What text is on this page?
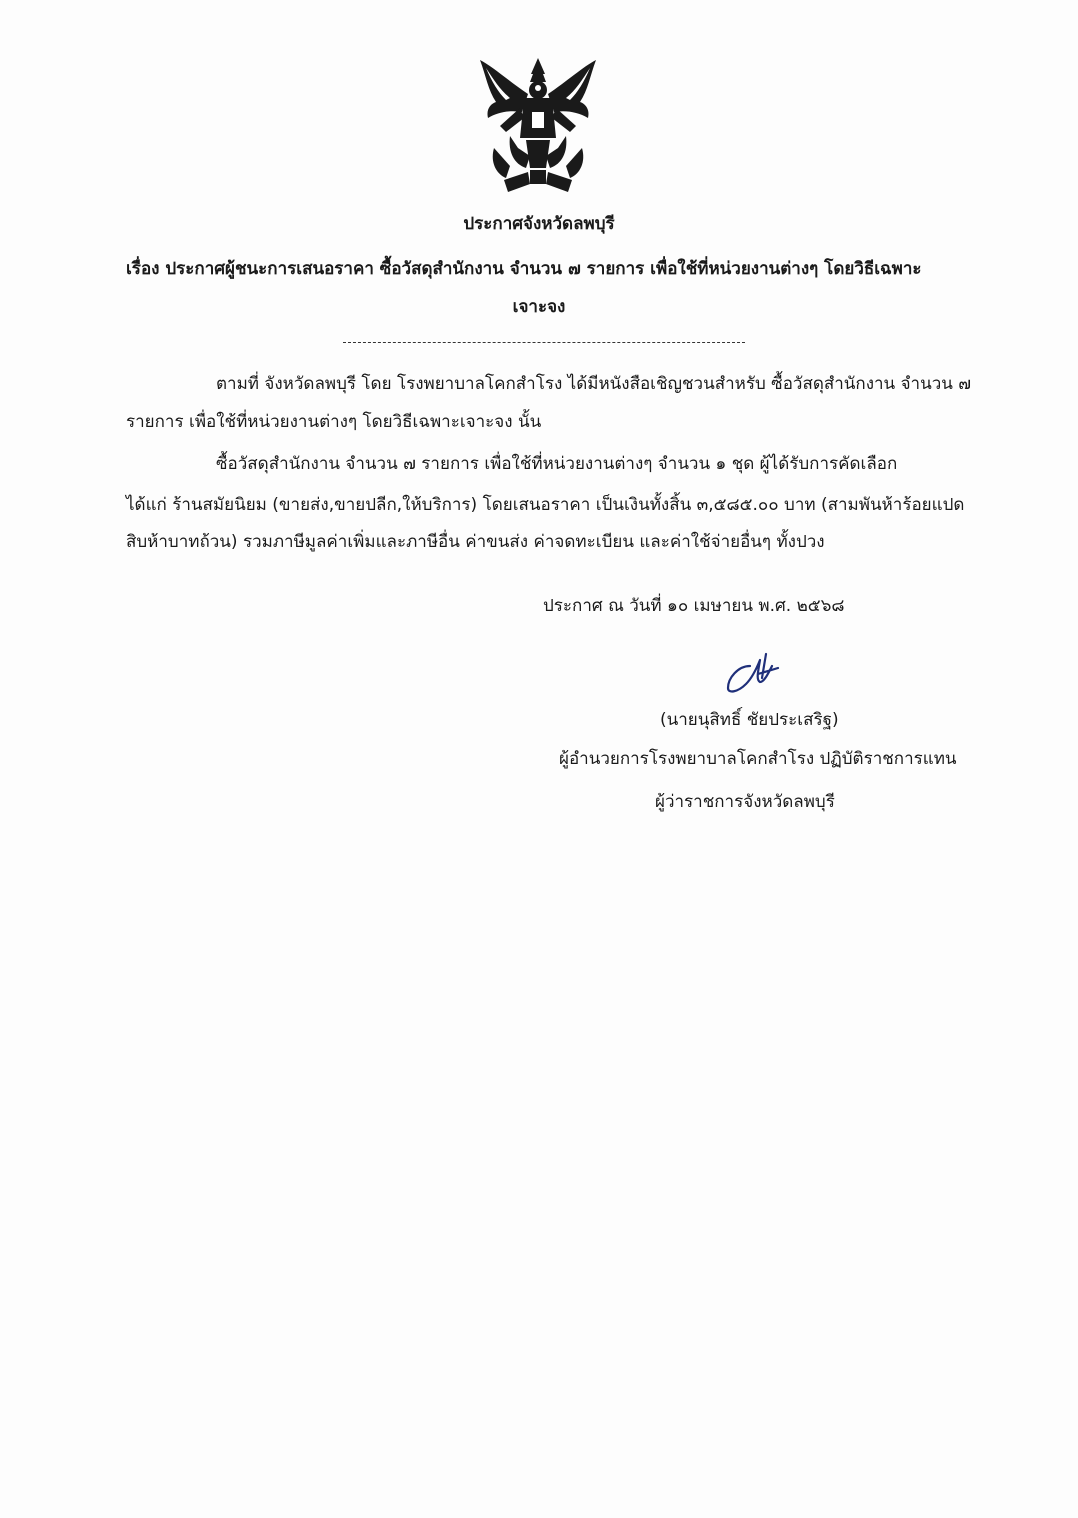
ประกาศจังหวัดลพบุรี
เรื่อง ประกาศผู้ชนะการเสนอราคา ซื้อวัสดุสำนักงาน จำนวน ๗ รายการ เพื่อใช้ที่หน่วยงานต่างๆ โดยวิธีเฉพาะ
เจาะจง
ตามที่ จังหวัดลพบุรี โดย โรงพยาบาลโคกสำโรง ได้มีหนังสือเชิญชวนสำหรับ ซื้อวัสดุสำนักงาน จำนวน ๗
รายการ เพื่อใช้ที่หน่วยงานต่างๆ โดยวิธีเฉพาะเจาะจง นั้น
ซื้อวัสดุสำนักงาน จำนวน ๗ รายการ เพื่อใช้ที่หน่วยงานต่างๆ จำนวน ๑ ชุด ผู้ได้รับการคัดเลือก
ได้แก่ ร้านสมัยนิยม (ขายส่ง,ขายปลีก,ให้บริการ) โดยเสนอราคา เป็นเงินทั้งสิ้น ๓,๕๘๕.๐๐ บาท (สามพันห้าร้อยแปด
สิบห้าบาทถ้วน) รวมภาษีมูลค่าเพิ่มและภาษีอื่น ค่าขนส่ง ค่าจดทะเบียน และค่าใช้จ่ายอื่นๆ ทั้งปวง
ประกาศ ณ วันที่ ๑๐ เมษายน พ.ศ. ๒๕๖๘
(นายนุสิทธิ์ ชัยประเสริฐ)
ผู้อำนวยการโรงพยาบาลโคกสำโรง ปฏิบัติราชการแทน
ผู้ว่าราชการจังหวัดลพบุรี
